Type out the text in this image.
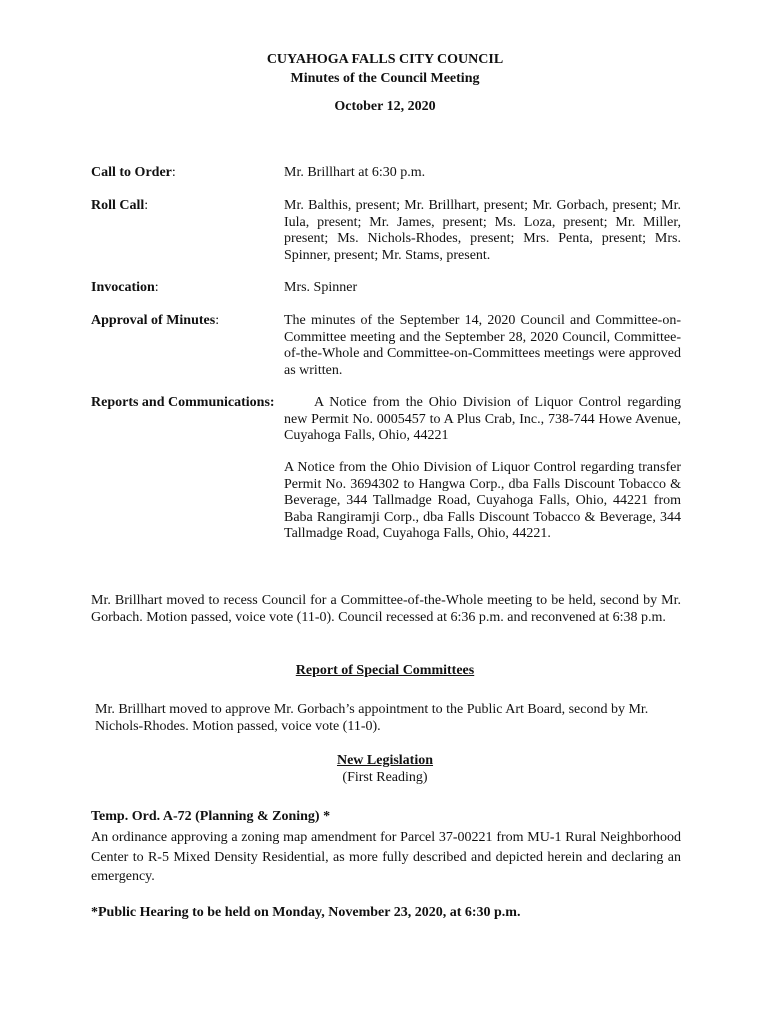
CUYAHOGA FALLS CITY COUNCIL
Minutes of the Council Meeting
October 12, 2020
Call to Order:	Mr. Brillhart at 6:30 p.m.
Roll Call:	Mr. Balthis, present; Mr. Brillhart, present; Mr. Gorbach, present; Mr. Iula, present; Mr. James, present; Ms. Loza, present; Mr. Miller, present; Ms. Nichols-Rhodes, present; Mrs. Penta, present; Mrs. Spinner, present; Mr. Stams, present.
Invocation:	Mrs. Spinner
Approval of Minutes:	The minutes of the September 14, 2020 Council and Committee-on-Committee meeting and the September 28, 2020 Council, Committee-of-the-Whole and Committee-on-Committees meetings were approved as written.
Reports and Communications:	A Notice from the Ohio Division of Liquor Control regarding new Permit No. 0005457 to A Plus Crab, Inc., 738-744 Howe Avenue, Cuyahoga Falls, Ohio, 44221
A Notice from the Ohio Division of Liquor Control regarding transfer Permit No. 3694302 to Hangwa Corp., dba Falls Discount Tobacco & Beverage, 344 Tallmadge Road, Cuyahoga Falls, Ohio, 44221 from Baba Rangiramji Corp., dba Falls Discount Tobacco & Beverage, 344 Tallmadge Road, Cuyahoga Falls, Ohio, 44221.
Mr. Brillhart moved to recess Council for a Committee-of-the-Whole meeting to be held, second by Mr. Gorbach. Motion passed, voice vote (11-0). Council recessed at 6:36 p.m. and reconvened at 6:38 p.m.
Report of Special Committees
Mr. Brillhart moved to approve Mr. Gorbach’s appointment to the Public Art Board, second by Mr. Nichols-Rhodes. Motion passed, voice vote (11-0).
New Legislation
(First Reading)
Temp. Ord. A-72 (Planning & Zoning) *
An ordinance approving a zoning map amendment for Parcel 37-00221 from MU-1 Rural Neighborhood Center to R-5 Mixed Density Residential, as more fully described and depicted herein and declaring an emergency.
*Public Hearing to be held on Monday, November 23, 2020, at 6:30 p.m.
